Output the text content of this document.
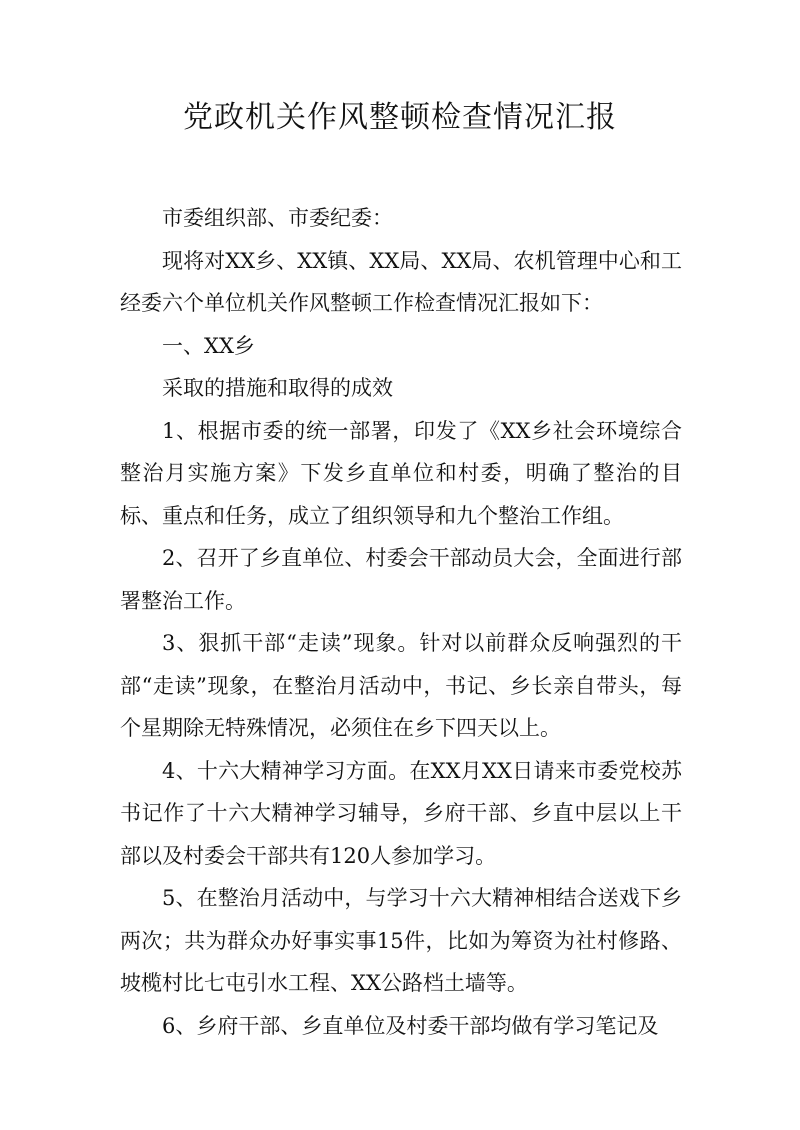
党政机关作风整顿检查情况汇报

市委组织部、市委纪委：

现将对XX乡、XX镇、XX局、XX局、农机管理中心和工经委六个单位机关作风整顿工作检查情况汇报如下：

一、XX乡

采取的措施和取得的成效

1、根据市委的统一部署，印发了《XX乡社会环境综合整治月实施方案》下发乡直单位和村委，明确了整治的目标、重点和任务，成立了组织领导和九个整治工作组。

2、召开了乡直单位、村委会干部动员大会，全面进行部署整治工作。

3、狠抓干部“走读”现象。针对以前群众反响强烈的干部“走读”现象，在整治月活动中，书记、乡长亲自带头，每个星期除无特殊情况，必须住在乡下四天以上。

4、十六大精神学习方面。在XX月XX日请来市委党校苏书记作了十六大精神学习辅导，乡府干部、乡直中层以上干部以及村委会干部共有120人参加学习。

5、在整治月活动中，与学习十六大精神相结合送戏下乡两次；共为群众办好事实事15件，比如为筹资为社村修路、坡榄村比七屯引水工程、XX公路档土墙等。

6、乡府干部、乡直单位及村委干部均做有学习笔记及
